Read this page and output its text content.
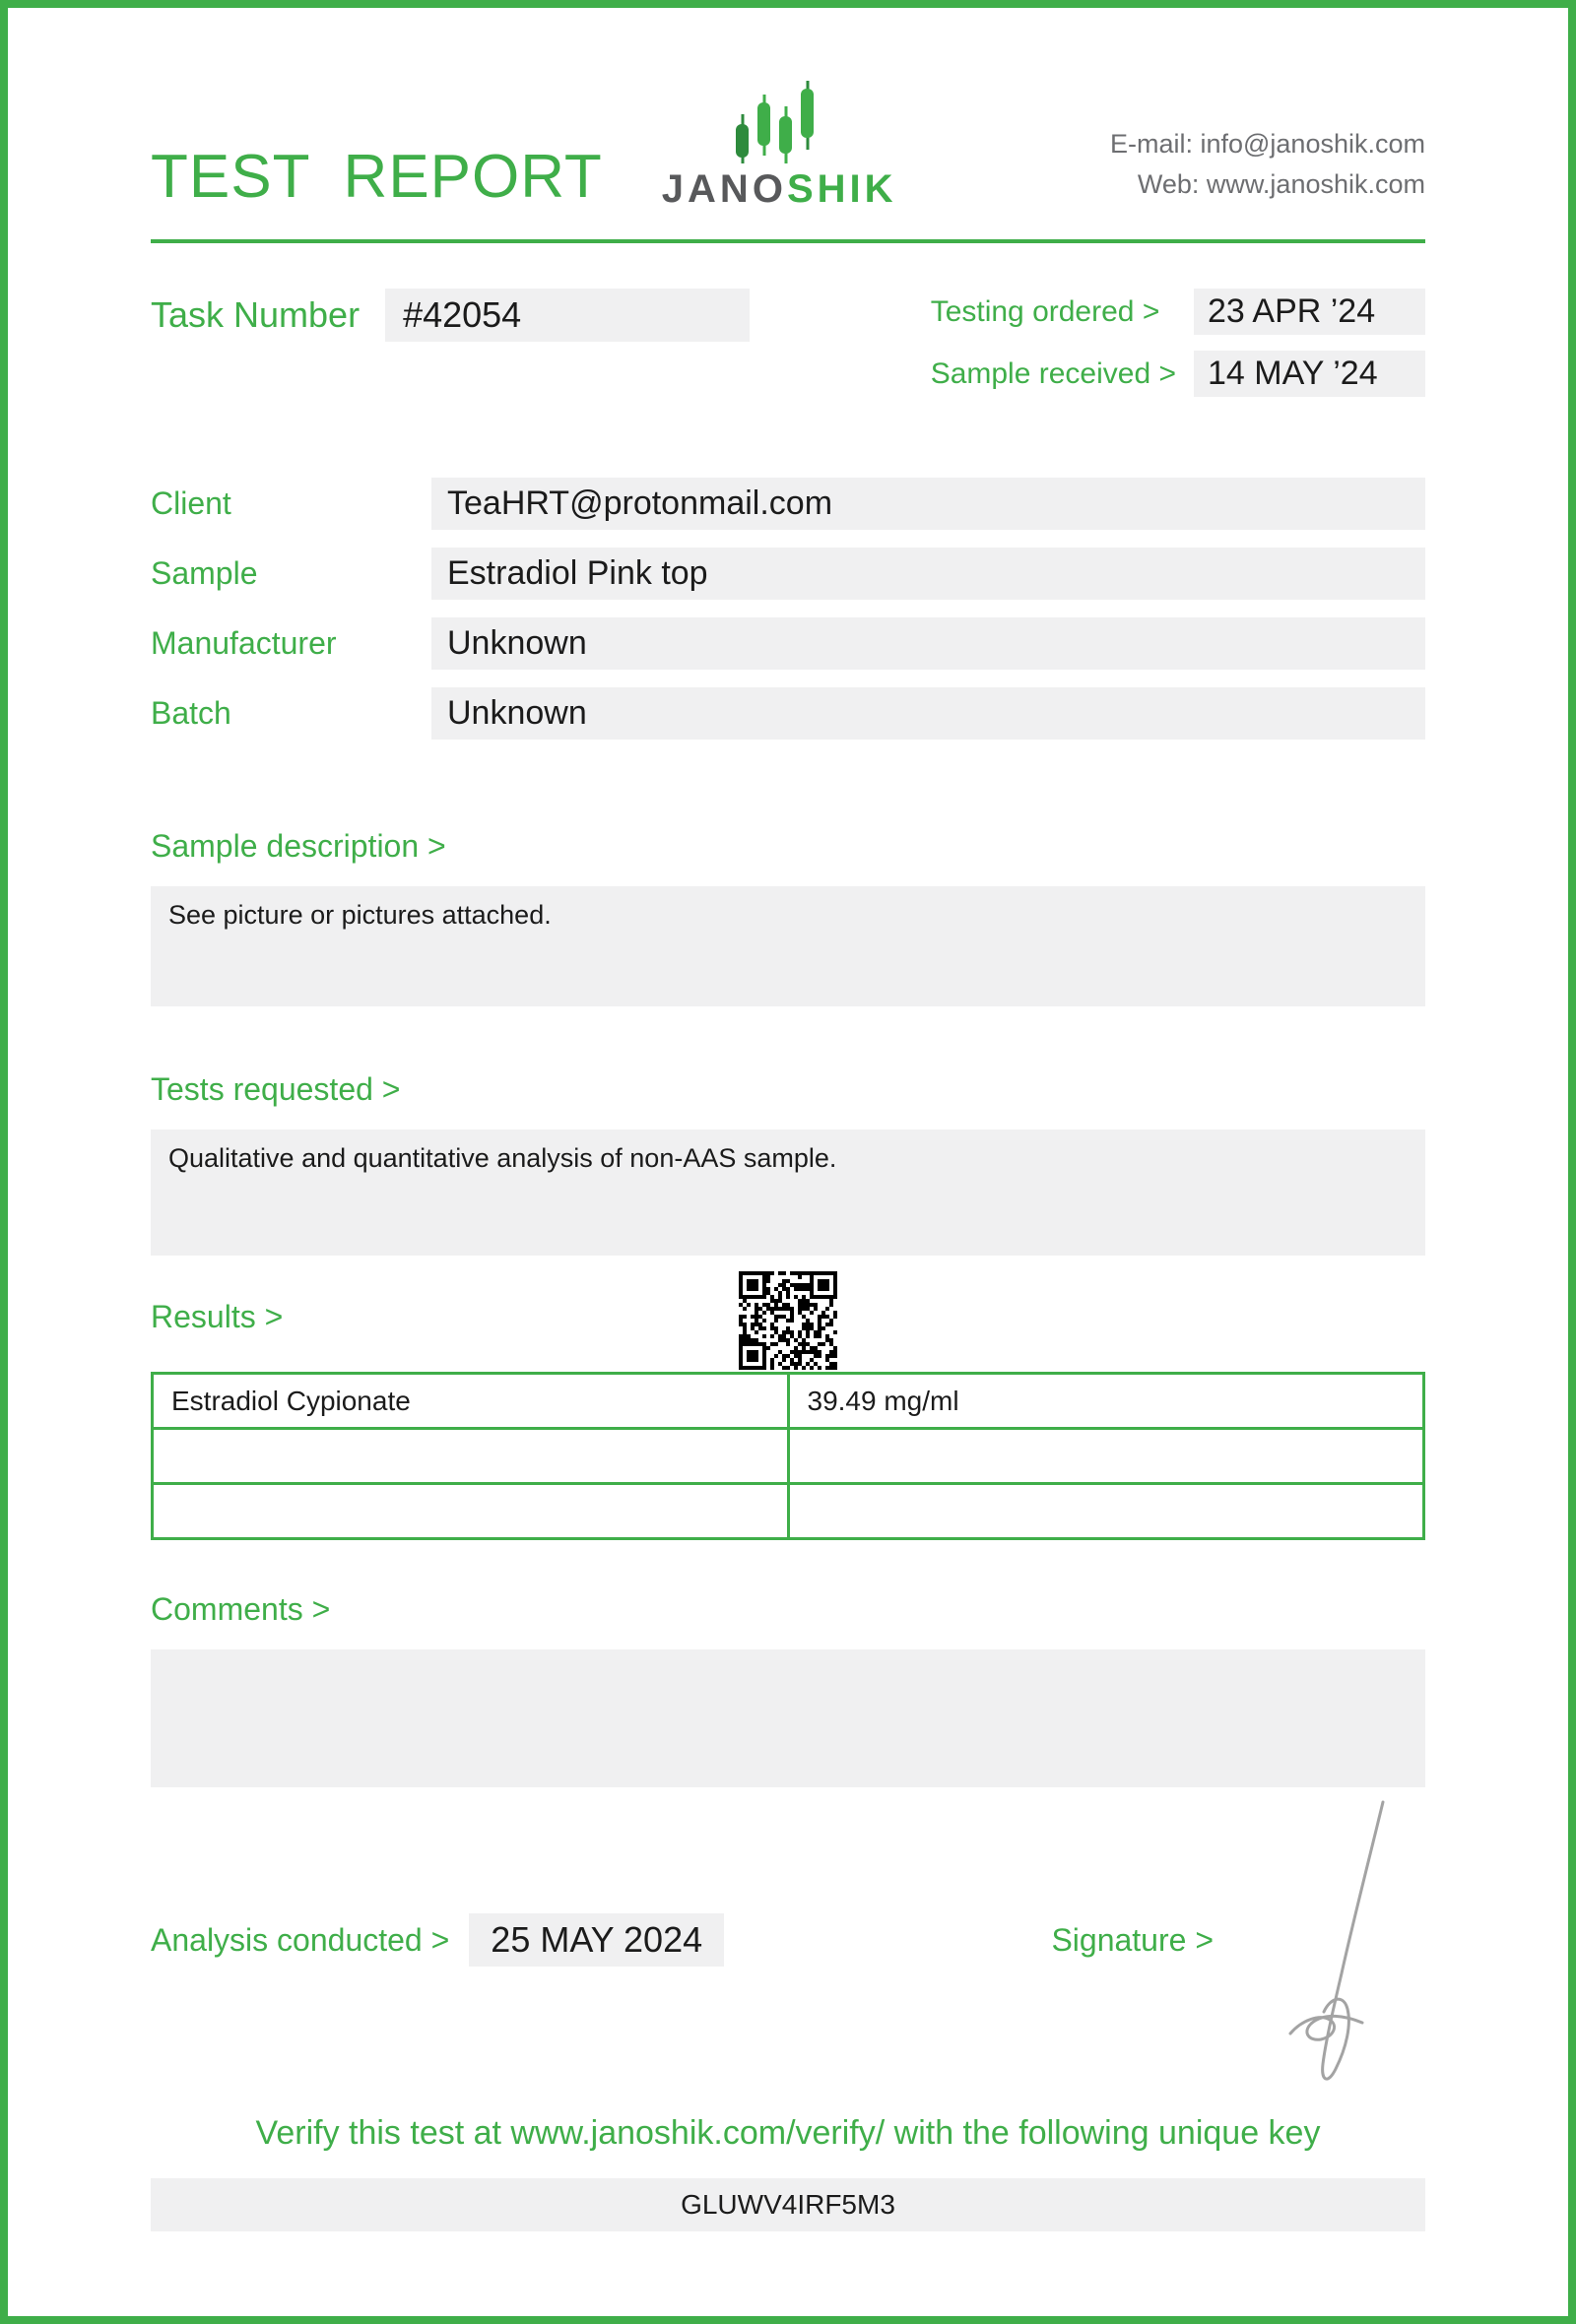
TEST REPORT JANOSHIK
E-mail: info@janoshik.com
Web: www.janoshik.com
Task Number	#42054	Testing ordered >	23 APR ’24
Sample received > 14 MAY ’24
Client	TeaHRT@protonmail.com
Sample	Estradiol Pink top
Manufacturer	Unknown
Batch	Unknown
Sample description >
See picture or pictures attached.
Tests requested >
Qualitative and quantitative analysis of non-AAS sample.
Results >
Estradiol Cypionate	39.49 mg/ml

Comments >
Analysis conducted >	25 MAY 2024	Signature >
Verify this test at www.janoshik.com/verify/ with the following unique key
GLUWV4IRF5M3
